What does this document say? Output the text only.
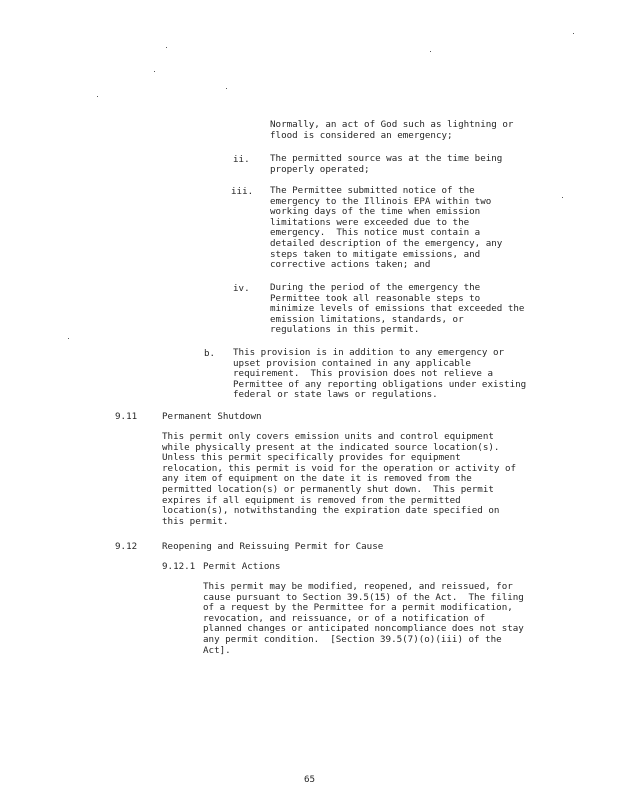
Normally, an act of God such as lightning or
flood is considered an emergency;
ii. The permitted source was at the time being
properly operated;
iii. The Permittee submitted notice of the
emergency to the Illinois EPA within two
working days of the time when emission
limitations were exceeded due to the
emergency.  This notice must contain a
detailed description of the emergency, any
steps taken to mitigate emissions, and
corrective actions taken; and
iv. During the period of the emergency the
Permittee took all reasonable steps to
minimize levels of emissions that exceeded the
emission limitations, standards, or
regulations in this permit.
b. This provision is in addition to any emergency or
upset provision contained in any applicable
requirement.  This provision does not relieve a
Permittee of any reporting obligations under existing
federal or state laws or regulations.
9.11	Permanent Shutdown
This permit only covers emission units and control equipment
while physically present at the indicated source location(s).
Unless this permit specifically provides for equipment
relocation, this permit is void for the operation or activity of
any item of equipment on the date it is removed from the
permitted location(s) or permanently shut down.  This permit
expires if all equipment is removed from the permitted
location(s), notwithstanding the expiration date specified on
this permit.
9.12	Reopening and Reissuing Permit for Cause
9.12.1 Permit Actions
This permit may be modified, reopened, and reissued, for
cause pursuant to Section 39.5(15) of the Act.  The filing
of a request by the Permittee for a permit modification,
revocation, and reissuance, or of a notification of
planned changes or anticipated noncompliance does not stay
any permit condition.  [Section 39.5(7)(o)(iii) of the
Act].
65
